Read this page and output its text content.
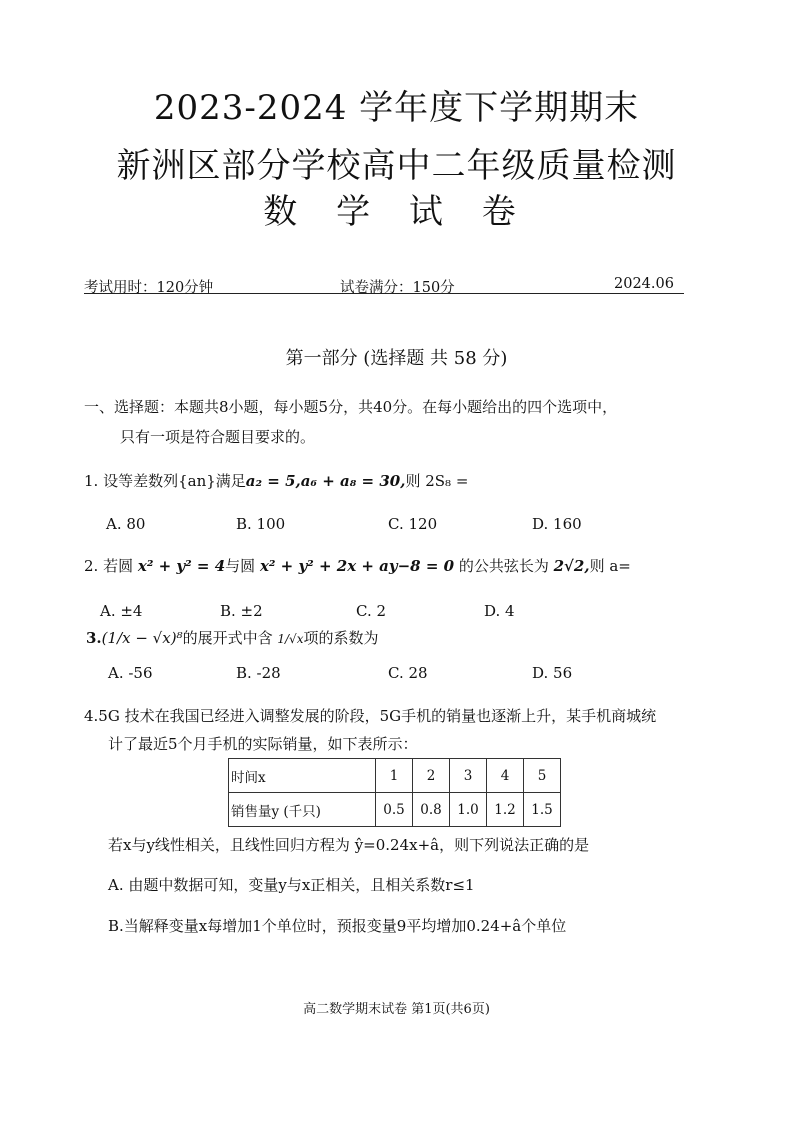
2023-2024 学年度下学期期末
新洲区部分学校高中二年级质量检测
数 学 试 卷
考试用时：120分钟	试卷满分：150分	2024.06
第一部分 (选择题 共 58 分)
一、选择题：本题共8小题，每小题5分，共40分。在每小题给出的四个选项中，
只有一项是符合题目要求的。
1. 设等差数列{an}满足a₂ = 5,a₆ + a₈ = 30,则 2S₈ =
A. 80	B. 100	C. 120	D. 160
2. 若圆 x² + y² = 4与圆 x² + y² + 2x + ay−8 = 0 的公共弦长为 2√2,则 a=
A. ±4	B. ±2	C. 2	D. 4
3.(1/x − √x)⁸的展开式中含 1/√x项的系数为
A. -56	B. -28	C. 28	D. 56
4.5G 技术在我国已经进入调整发展的阶段，5G手机的销量也逐渐上升，某手机商城统
计了最近5个月手机的实际销量，如下表所示：
时间x	1	2	3	4	5
销售量y (千只)	0.5	0.8	1.0	1.2	1.5
若x与y线性相关，且线性回归方程为 ŷ=0.24x+â，则下列说法正确的是
A. 由题中数据可知，变量y与x正相关，且相关系数r≤1
B.当解释变量x每增加1个单位时，预报变量9平均增加0.24+â个单位
高二数学期末试卷 第1页(共6页)
